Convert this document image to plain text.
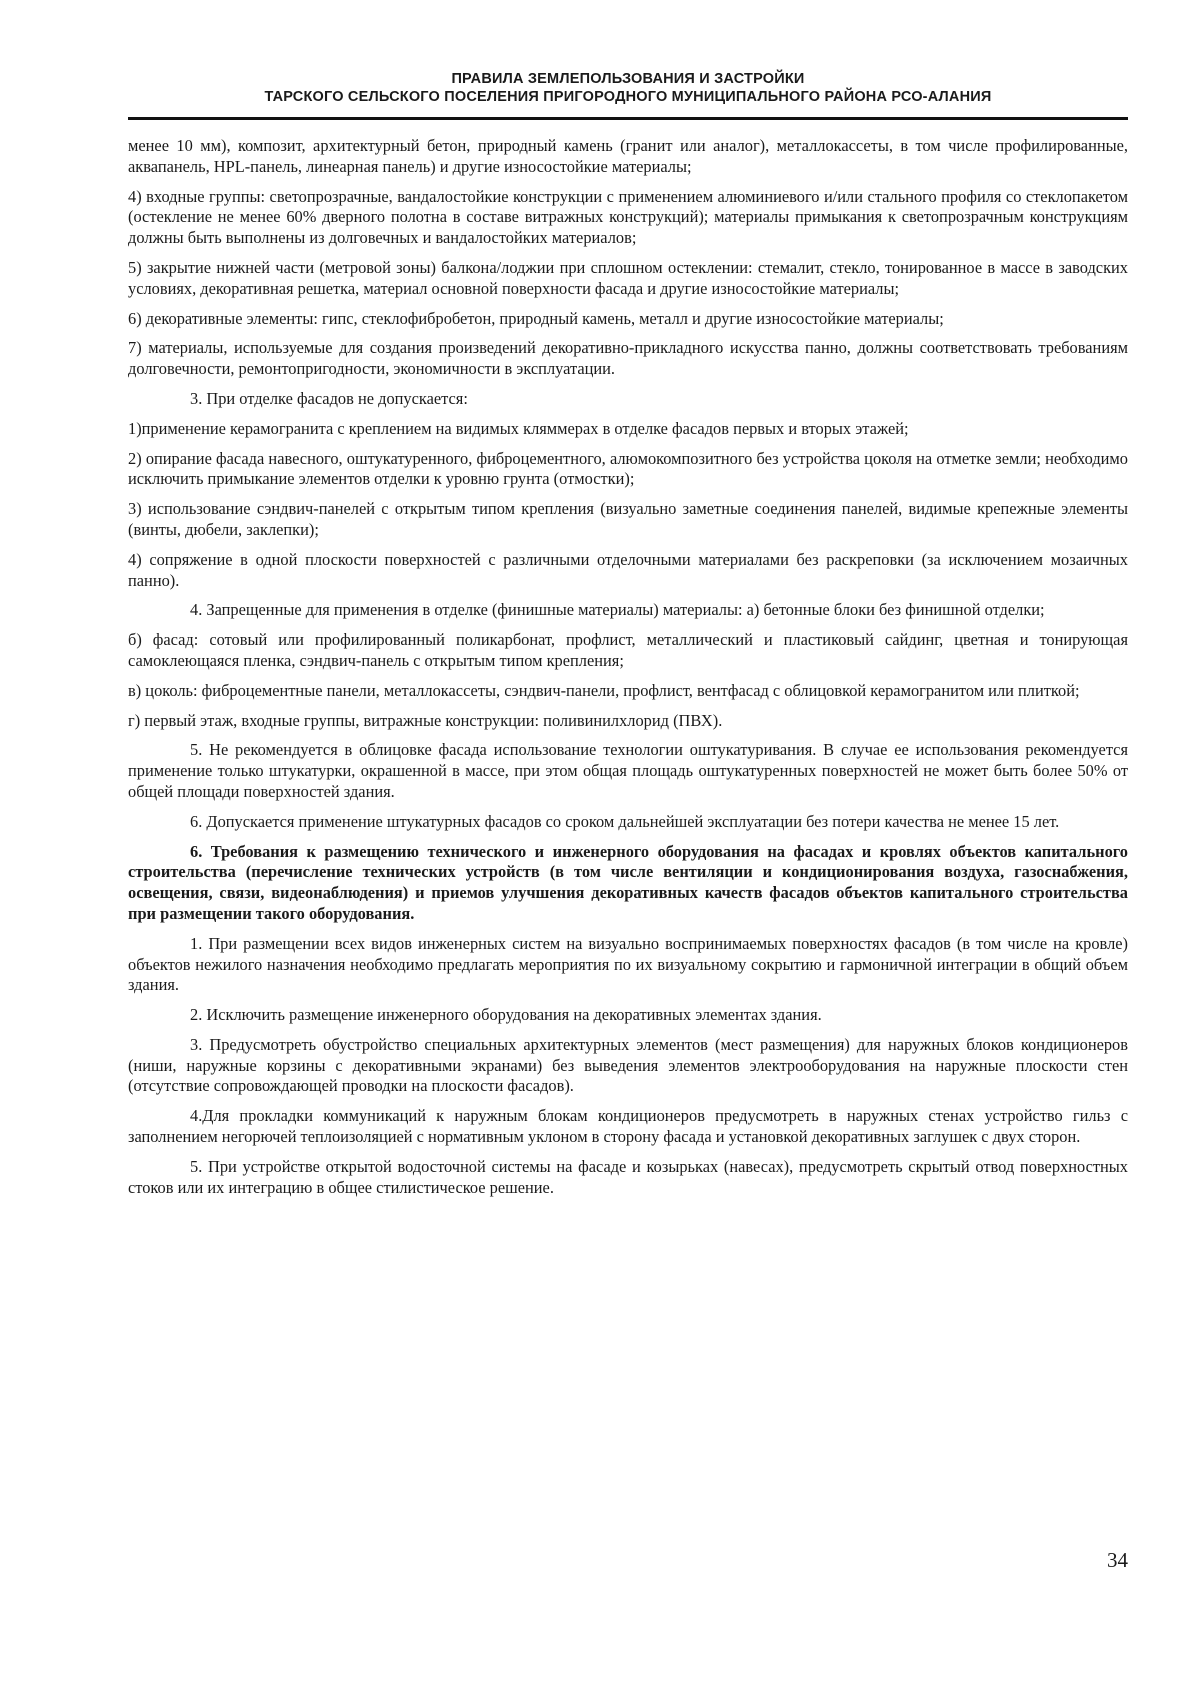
ПРАВИЛА ЗЕМЛЕПОЛЬЗОВАНИЯ И ЗАСТРОЙКИ
ТАРСКОГО СЕЛЬСКОГО ПОСЕЛЕНИЯ ПРИГОРОДНОГО МУНИЦИПАЛЬНОГО РАЙОНА РСО-АЛАНИЯ

менее 10 мм), композит, архитектурный бетон, природный камень (гранит или аналог), металлокассеты, в том числе профилированные, аквапанель, HPL-панель, линеарная панель) и другие износостойкие материалы;

4) входные группы: светопрозрачные, вандалостойкие конструкции с применением алюминиевого и/или стального профиля со стеклопакетом (остекление не менее 60% дверного полотна в составе витражных конструкций); материалы примыкания к светопрозрачным конструкциям должны быть выполнены из долговечных и вандалостойких материалов;

5) закрытие нижней части (метровой зоны) балкона/лоджии при сплошном остеклении: стемалит, стекло, тонированное в массе в заводских условиях, декоративная решетка, материал основной поверхности фасада и другие износостойкие материалы;

6) декоративные элементы: гипс, стеклофибробетон, природный камень, металл и другие износостойкие материалы;

7) материалы, используемые для создания произведений декоративно-прикладного искусства панно, должны соответствовать требованиям долговечности, ремонтопригодности, экономичности в эксплуатации.

3. При отделке фасадов не допускается:

1)применение керамогранита с креплением на видимых кляммерах в отделке фасадов первых и вторых этажей;

2) опирание фасада навесного, оштукатуренного, фиброцементного, алюмокомпозитного без устройства цоколя на отметке земли; необходимо исключить примыкание элементов отделки к уровню грунта (отмостки);

3) использование сэндвич-панелей с открытым типом крепления (визуально заметные соединения панелей, видимые крепежные элементы (винты, дюбели, заклепки);

4) сопряжение в одной плоскости поверхностей с различными отделочными материалами без раскреповки (за исключением мозаичных панно).

4. Запрещенные для применения в отделке (финишные материалы) материалы: а) бетонные блоки без финишной отделки;

б) фасад: сотовый или профилированный поликарбонат, профлист, металлический и пластиковый сайдинг, цветная и тонирующая самоклеющаяся пленка, сэндвич-панель с открытым типом крепления;

в) цоколь: фиброцементные панели, металлокассеты, сэндвич-панели, профлист, вентфасад с облицовкой керамогранитом или плиткой;

г) первый этаж, входные группы, витражные конструкции: поливинилхлорид (ПВХ).

5. Не рекомендуется в облицовке фасада использование технологии оштукатуривания. В случае ее использования рекомендуется применение только штукатурки, окрашенной в массе, при этом общая площадь оштукатуренных поверхностей не может быть более 50% от общей площади поверхностей здания.

6. Допускается применение штукатурных фасадов со сроком дальнейшей эксплуатации без потери качества не менее 15 лет.

6. Требования к размещению технического и инженерного оборудования на фасадах и кровлях объектов капитального строительства (перечисление технических устройств (в том числе вентиляции и кондиционирования воздуха, газоснабжения, освещения, связи, видеонаблюдения) и приемов улучшения декоративных качеств фасадов объектов капитального строительства при размещении такого оборудования.

1. При размещении всех видов инженерных систем на визуально воспринимаемых поверхностях фасадов (в том числе на кровле) объектов нежилого назначения необходимо предлагать мероприятия по их визуальному сокрытию и гармоничной интеграции в общий объем здания.

2. Исключить размещение инженерного оборудования на декоративных элементах здания.

3. Предусмотреть обустройство специальных архитектурных элементов (мест размещения) для наружных блоков кондиционеров (ниши, наружные корзины с декоративными экранами) без выведения элементов электрооборудования на наружные плоскости стен (отсутствие сопровождающей проводки на плоскости фасадов).

4.Для прокладки коммуникаций к наружным блокам кондиционеров предусмотреть в наружных стенах устройство гильз с заполнением негорючей теплоизоляцией с нормативным уклоном в сторону фасада и установкой декоративных заглушек с двух сторон.

5. При устройстве открытой водосточной системы на фасаде и козырьках (навесах), предусмотреть скрытый отвод поверхностных стоков или их интеграцию в общее стилистическое решение.

34
